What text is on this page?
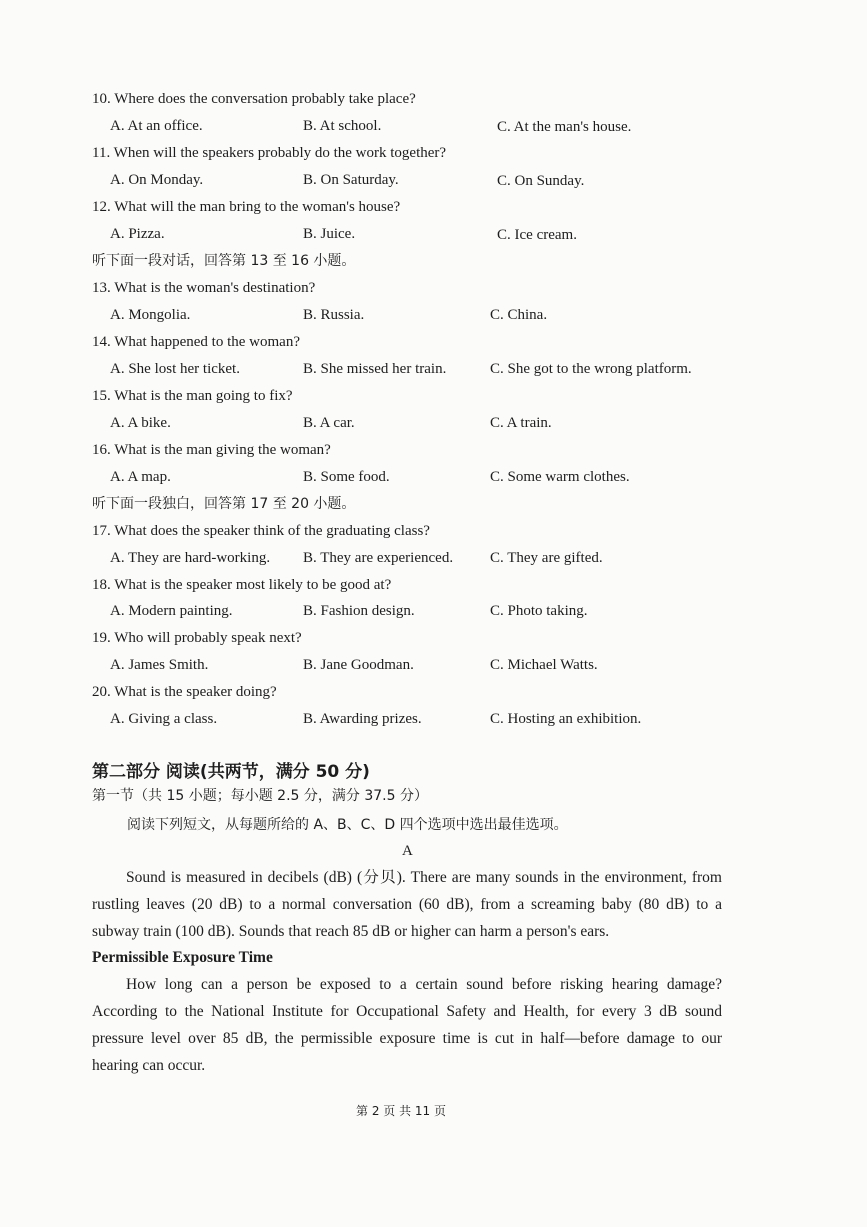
10. Where does the conversation probably take place?
A. At an office.	B. At school.	C. At the man's house.
11. When will the speakers probably do the work together?
A. On Monday.	B. On Saturday.	C. On Sunday.
12. What will the man bring to the woman's house?
A. Pizza.	B. Juice.	C. Ice cream.
听下面一段对话，回答第 13 至 16 小题。
13. What is the woman's destination?
A. Mongolia.	B. Russia.	C. China.
14. What happened to the woman?
A. She lost her ticket.	B. She missed her train.	C. She got to the wrong platform.
15. What is the man going to fix?
A. A bike.	B. A car.	C. A train.
16. What is the man giving the woman?
A. A map.	B. Some food.	C. Some warm clothes.
听下面一段独白，回答第 17 至 20 小题。
17. What does the speaker think of the graduating class?
A. They are hard-working. B. They are experienced. C. They are gifted.
18. What is the speaker most likely to be good at?
A. Modern painting.	B. Fashion design.	C. Photo taking.
19. Who will probably speak next?
A. James Smith.	B. Jane Goodman.	C. Michael Watts.
20. What is the speaker doing?
A. Giving a class.	B. Awarding prizes.	C. Hosting an exhibition.
第二部分 阅读(共两节，满分 50 分)
第一节（共 15 小题；每小题 2.5 分，满分 37.5 分）
阅读下列短文，从每题所给的 A、B、C、D 四个选项中选出最佳选项。
A
Sound is measured in decibels (dB) (分贝). There are many sounds in the environment, from rustling leaves (20 dB) to a normal conversation (60 dB), from a screaming baby (80 dB) to a subway train (100 dB). Sounds that reach 85 dB or higher can harm a person's ears.
Permissible Exposure Time
How long can a person be exposed to a certain sound before risking hearing damage? According to the National Institute for Occupational Safety and Health, for every 3 dB sound pressure level over 85 dB, the permissible exposure time is cut in half—before damage to our hearing can occur.
第 2 页 共 11 页
